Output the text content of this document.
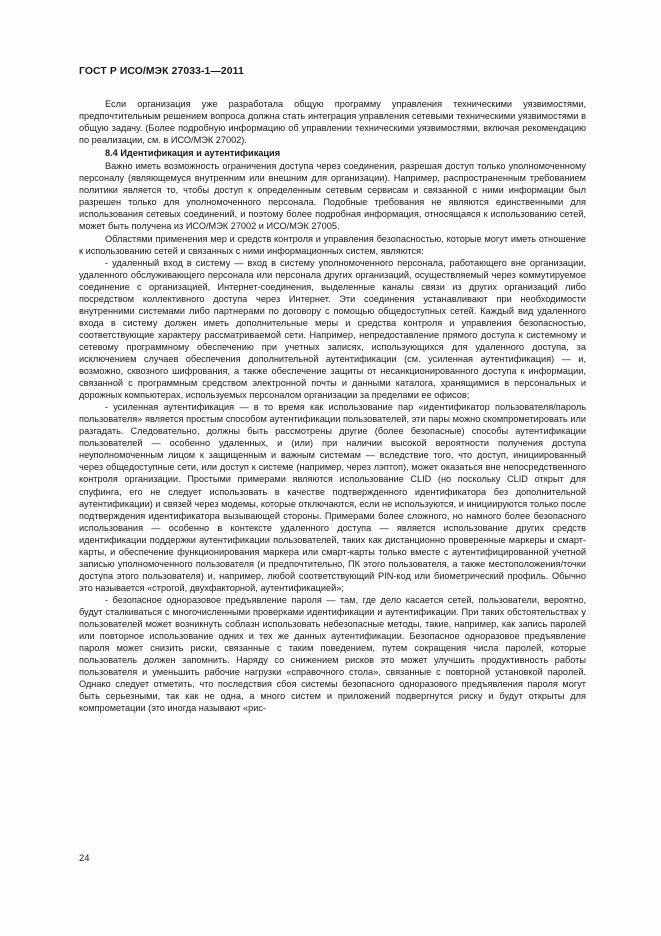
ГОСТ Р ИСО/МЭК 27033-1—2011

Если организация уже разработала общую программу управления техническими уязвимостями, предпочтительным решением вопроса должна стать интеграция управления сетевыми техническими уязвимостями в общую задачу. (Более подробную информацию об управлении техническими уязвимостями, включая рекомендацию по реализации, см. в ИСО/МЭК 27002).

8.4 Идентификация и аутентификация

Важно иметь возможность ограничения доступа через соединения, разрешая доступ только уполномоченному персоналу (являющемуся внутренним или внешним для организации). Например, распространенным требованием политики является то, чтобы доступ к определенным сетевым сервисам и связанной с ними информации был разрешен только для уполномоченного персонала. Подобные требования не являются единственными для использования сетевых соединений, и поэтому более подробная информация, относящаяся к использованию сетей, может быть получена из ИСО/МЭК 27002 и ИСО/МЭК 27005.

Областями применения мер и средств контроля и управления безопасностью, которые могут иметь отношение к использованию сетей и связанных с ними информационных систем, являются:

- удаленный вход в систему — вход в систему уполномоченного персонала, работающего вне организации, удаленного обслуживающего персонала или персонала других организаций, осуществляемый через коммутируемое соединение с организацией, Интернет-соединения, выделенные каналы связи из других организаций либо посредством коллективного доступа через Интернет. Эти соединения устанавливают при необходимости внутренними системами либо партнерами по договору с помощью общедоступных сетей. Каждый вид удаленного входа в систему должен иметь дополнительные меры и средства контроля и управления безопасностью, соответствующие характеру рассматриваемой сети. Например, непредоставление прямого доступа к системному и сетевому программному обеспечению при учетных записях, использующихся для удаленного доступа, за исключением случаев обеспечения дополнительной аутентификации (см. усиленная аутентификация) — и, возможно, сквозного шифрования, а также обеспечение защиты от несанкционированного доступа к информации, связанной с программным средством электронной почты и данными каталога, хранящимися в персональных и дорожных компьютерах, используемых персоналом организации за пределами ее офисов;

- усиленная аутентификация — в то время как использование пар «идентификатор пользователя/пароль пользователя» является простым способом аутентификации пользователей, эти пары можно скомпрометировать или разгадать. Следовательно, должны быть рассмотрены другие (более безопасные) способы аутентификации пользователей — особенно удаленных, и (или) при наличии высокой вероятности получения доступа неуполномоченным лицом к защищенным и важным системам — вследствие того, что доступ, инициированный через общедоступные сети, или доступ к системе (например, через лэптоп), может оказаться вне непосредственного контроля организации. Простыми примерами являются использование CLID (но поскольку CLID открыт для спуфинга, его не следует использовать в качестве подтвержденного идентификатора без дополнительной аутентификации) и связей через модемы, которые отключаются, если не используются, и инициируются только после подтверждения идентификатора вызывающей стороны. Примерами более сложного, но намного более безопасного использования — особенно в контексте удаленного доступа — является использование других средств идентификации поддержки аутентификации пользователей, таких как дистанционно проверенные маркеры и смарт-карты, и обеспечение функционирования маркера или смарт-карты только вместе с аутентифицированной учетной записью уполномоченного пользователя (и предпочтительно, ПК этого пользователя, а также местоположения/точки доступа этого пользователя) и, например, любой соответствующий PIN-код или биометрический профиль. Обычно это называется «строгой, двухфакторной, аутентификацией»;

- безопасное одноразовое предъявление пароля — там, где дело касается сетей, пользователи, вероятно, будут сталкиваться с многочисленными проверками идентификации и аутентификации. При таких обстоятельствах у пользователей может возникнуть соблазн использовать небезопасные методы, такие, например, как запись паролей или повторное использование одних и тех же данных аутентификации. Безопасное одноразовое предъявление пароля может снизить риски, связанные с таким поведением, путем сокращения числа паролей, которые пользователь должен запомнить. Наряду со снижением рисков это может улучшить продуктивность работы пользователя и уменьшить рабочие нагрузки «справочного стола», связанные с повторной установкой паролей. Однако следует отметить, что последствия сбоя системы безопасного одноразового предъявления пароля могут быть серьезными, так как не одна, а много систем и приложений подвергнутся риску и будут открыты для компрометации (это иногда называют «рис-

24
